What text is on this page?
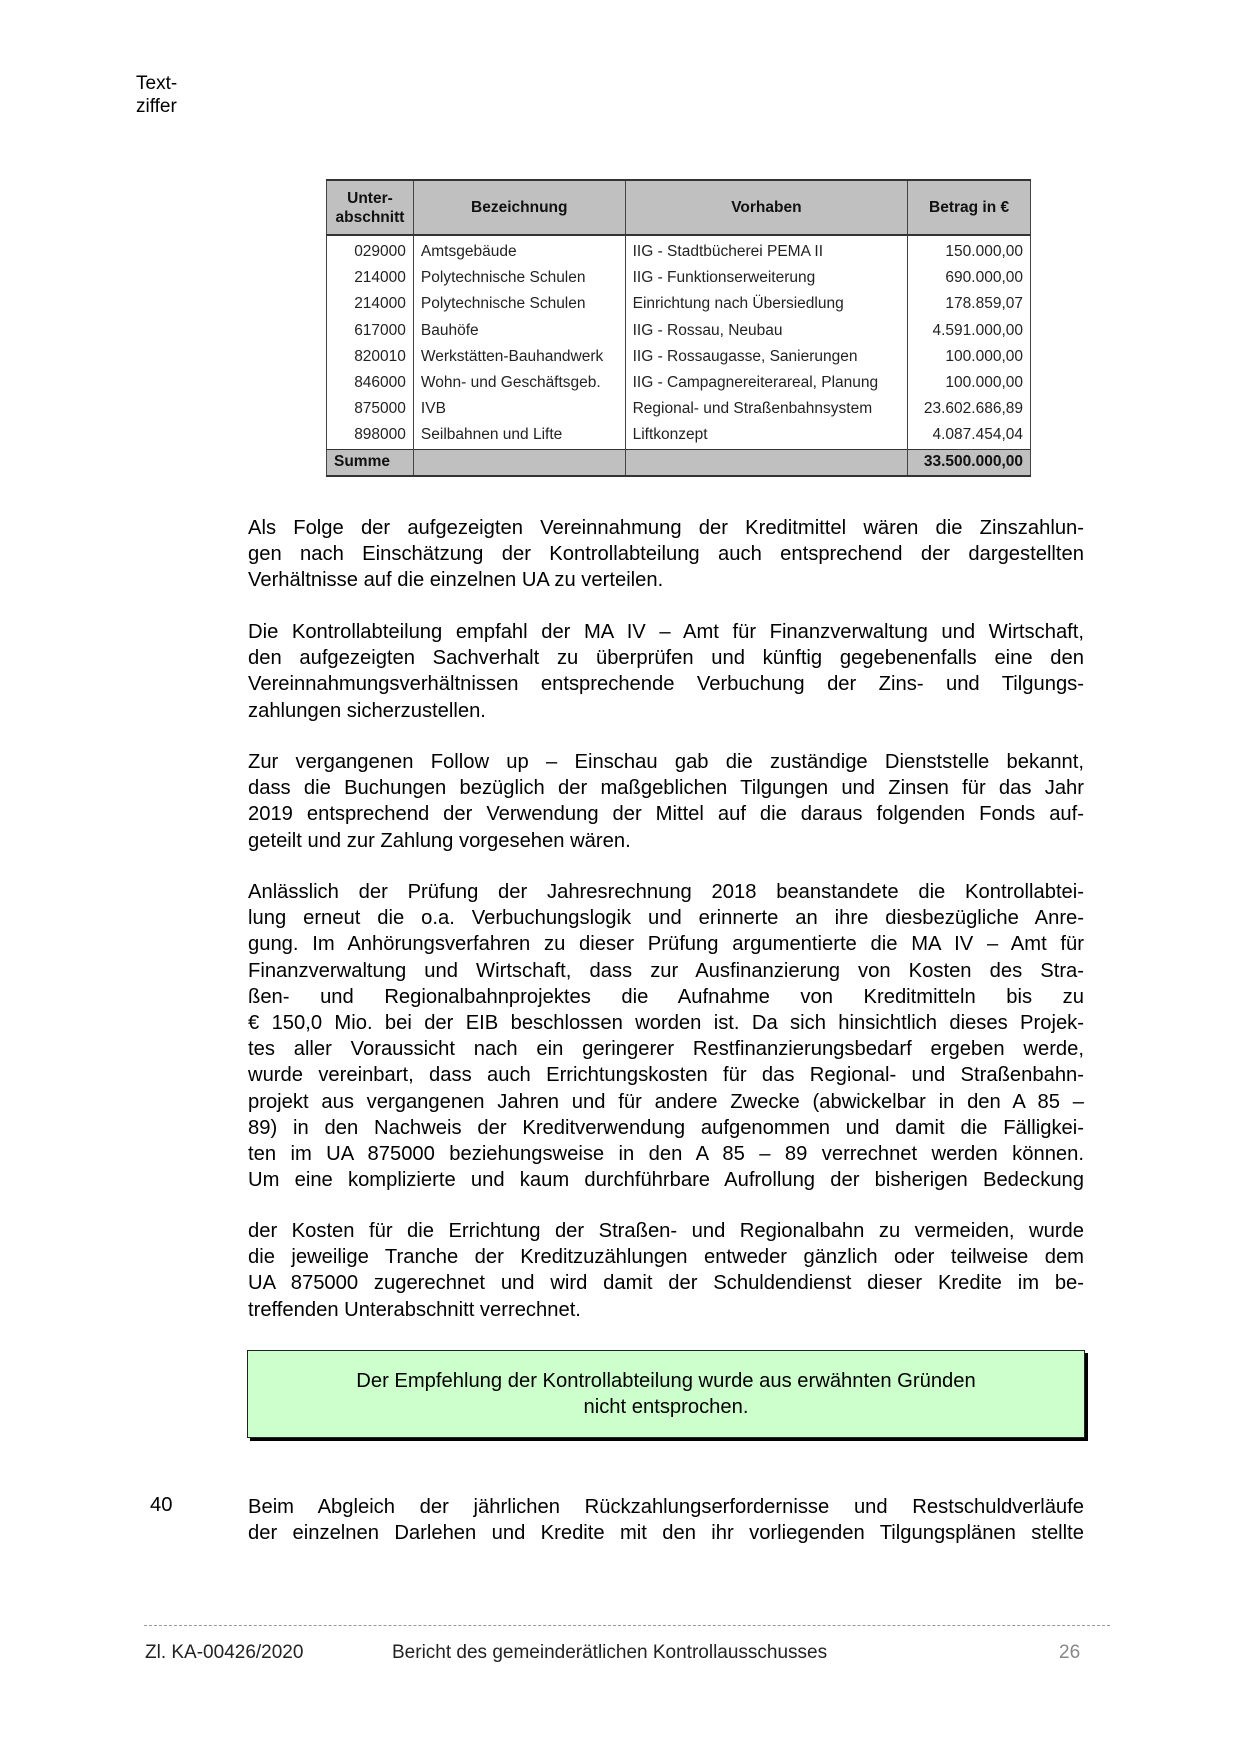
Text-
ziffer
Unter-
abschnitt	Bezeichnung	Vorhaben	Betrag in €
029000	Amtsgebäude	IIG - Stadtbücherei PEMA II	150.000,00
214000	Polytechnische Schulen	IIG - Funktionserweiterung	690.000,00
214000	Polytechnische Schulen	Einrichtung nach Übersiedlung	178.859,07
617000	Bauhöfe	IIG - Rossau, Neubau	4.591.000,00
820010	Werkstätten-Bauhandwerk	IIG - Rossaugasse, Sanierungen	100.000,00
846000	Wohn- und Geschäftsgeb.	IIG - Campagnereiterareal, Planung	100.000,00
875000	IVB	Regional- und Straßenbahnsystem	23.602.686,89
898000	Seilbahnen und Lifte	Liftkonzept	4.087.454,04
Summe			33.500.000,00
Als Folge der aufgezeigten Vereinnahmung der Kreditmittel wären die Zinszahlun-
gen nach Einschätzung der Kontrollabteilung auch entsprechend der dargestellten
Verhältnisse auf die einzelnen UA zu verteilen.
Die Kontrollabteilung empfahl der MA IV – Amt für Finanzverwaltung und Wirtschaft,
den aufgezeigten Sachverhalt zu überprüfen und künftig gegebenenfalls eine den
Vereinnahmungsverhältnissen entsprechende Verbuchung der Zins- und Tilgungs-
zahlungen sicherzustellen.
Zur vergangenen Follow up – Einschau gab die zuständige Dienststelle bekannt,
dass die Buchungen bezüglich der maßgeblichen Tilgungen und Zinsen für das Jahr
2019 entsprechend der Verwendung der Mittel auf die daraus folgenden Fonds auf-
geteilt und zur Zahlung vorgesehen wären.
Anlässlich der Prüfung der Jahresrechnung 2018 beanstandete die Kontrollabtei-
lung erneut die o.a. Verbuchungslogik und erinnerte an ihre diesbezügliche Anre-
gung. Im Anhörungsverfahren zu dieser Prüfung argumentierte die MA IV – Amt für
Finanzverwaltung und Wirtschaft, dass zur Ausfinanzierung von Kosten des Stra-
ßen- und Regionalbahnprojektes die Aufnahme von Kreditmitteln bis zu
€ 150,0 Mio. bei der EIB beschlossen worden ist. Da sich hinsichtlich dieses Projek-
tes aller Voraussicht nach ein geringerer Restfinanzierungsbedarf ergeben werde,
wurde vereinbart, dass auch Errichtungskosten für das Regional- und Straßenbahn-
projekt aus vergangenen Jahren und für andere Zwecke (abwickelbar in den A 85 –
89) in den Nachweis der Kreditverwendung aufgenommen und damit die Fälligkei-
ten im UA 875000 beziehungsweise in den A 85 – 89 verrechnet werden können.
Um eine komplizierte und kaum durchführbare Aufrollung der bisherigen Bedeckung
der Kosten für die Errichtung der Straßen- und Regionalbahn zu vermeiden, wurde
die jeweilige Tranche der Kreditzuzählungen entweder gänzlich oder teilweise dem
UA 875000 zugerechnet und wird damit der Schuldendienst dieser Kredite im be-
treffenden Unterabschnitt verrechnet.
Der Empfehlung der Kontrollabteilung wurde aus erwähnten Gründen
nicht entsprochen.
40	Beim Abgleich der jährlichen Rückzahlungserfordernisse und Restschuldverläufe
der einzelnen Darlehen und Kredite mit den ihr vorliegenden Tilgungsplänen stellte
Zl. KA-00426/2020	Bericht des gemeinderätlichen Kontrollausschusses	26
